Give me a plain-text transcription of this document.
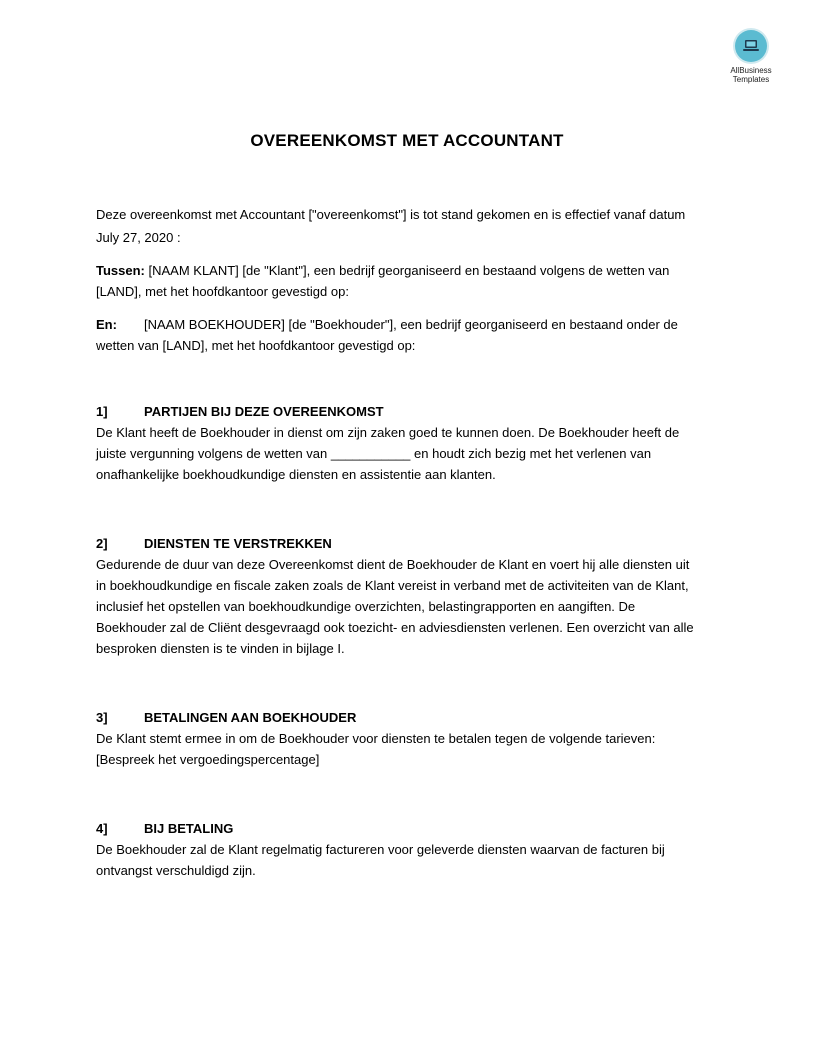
AllBusiness
Templates
OVEREENKOMST MET ACCOUNTANT

Deze overeenkomst met Accountant ["overeenkomst"] is tot stand gekomen en is effectief vanaf datum

July 27, 2020 :

Tussen: [NAAM KLANT] [de "Klant"], een bedrijf georganiseerd en bestaand volgens de wetten van
[LAND], met het hoofdkantoor gevestigd op:
En:	[NAAM BOEKHOUDER] [de "Boekhouder"], een bedrijf georganiseerd en bestaand onder de
wetten van [LAND], met het hoofdkantoor gevestigd op:
1]	PARTIJEN BIJ DEZE OVEREENKOMST
De Klant heeft de Boekhouder in dienst om zijn zaken goed te kunnen doen. De Boekhouder heeft de
juiste vergunning volgens de wetten van ___________ en houdt zich bezig met het verlenen van
onafhankelijke boekhoudkundige diensten en assistentie aan klanten.
2]	DIENSTEN TE VERSTREKKEN
Gedurende de duur van deze Overeenkomst dient de Boekhouder de Klant en voert hij alle diensten uit
in boekhoudkundige en fiscale zaken zoals de Klant vereist in verband met de activiteiten van de Klant,
inclusief het opstellen van boekhoudkundige overzichten, belastingrapporten en aangiften. De
Boekhouder zal de Cliënt desgevraagd ook toezicht- en adviesdiensten verlenen. Een overzicht van alle
besproken diensten is te vinden in bijlage I.
3]	BETALINGEN AAN BOEKHOUDER
De Klant stemt ermee in om de Boekhouder voor diensten te betalen tegen de volgende tarieven:
[Bespreek het vergoedingspercentage]
4]	BIJ BETALING
De Boekhouder zal de Klant regelmatig factureren voor geleverde diensten waarvan de facturen bij
ontvangst verschuldigd zijn.
